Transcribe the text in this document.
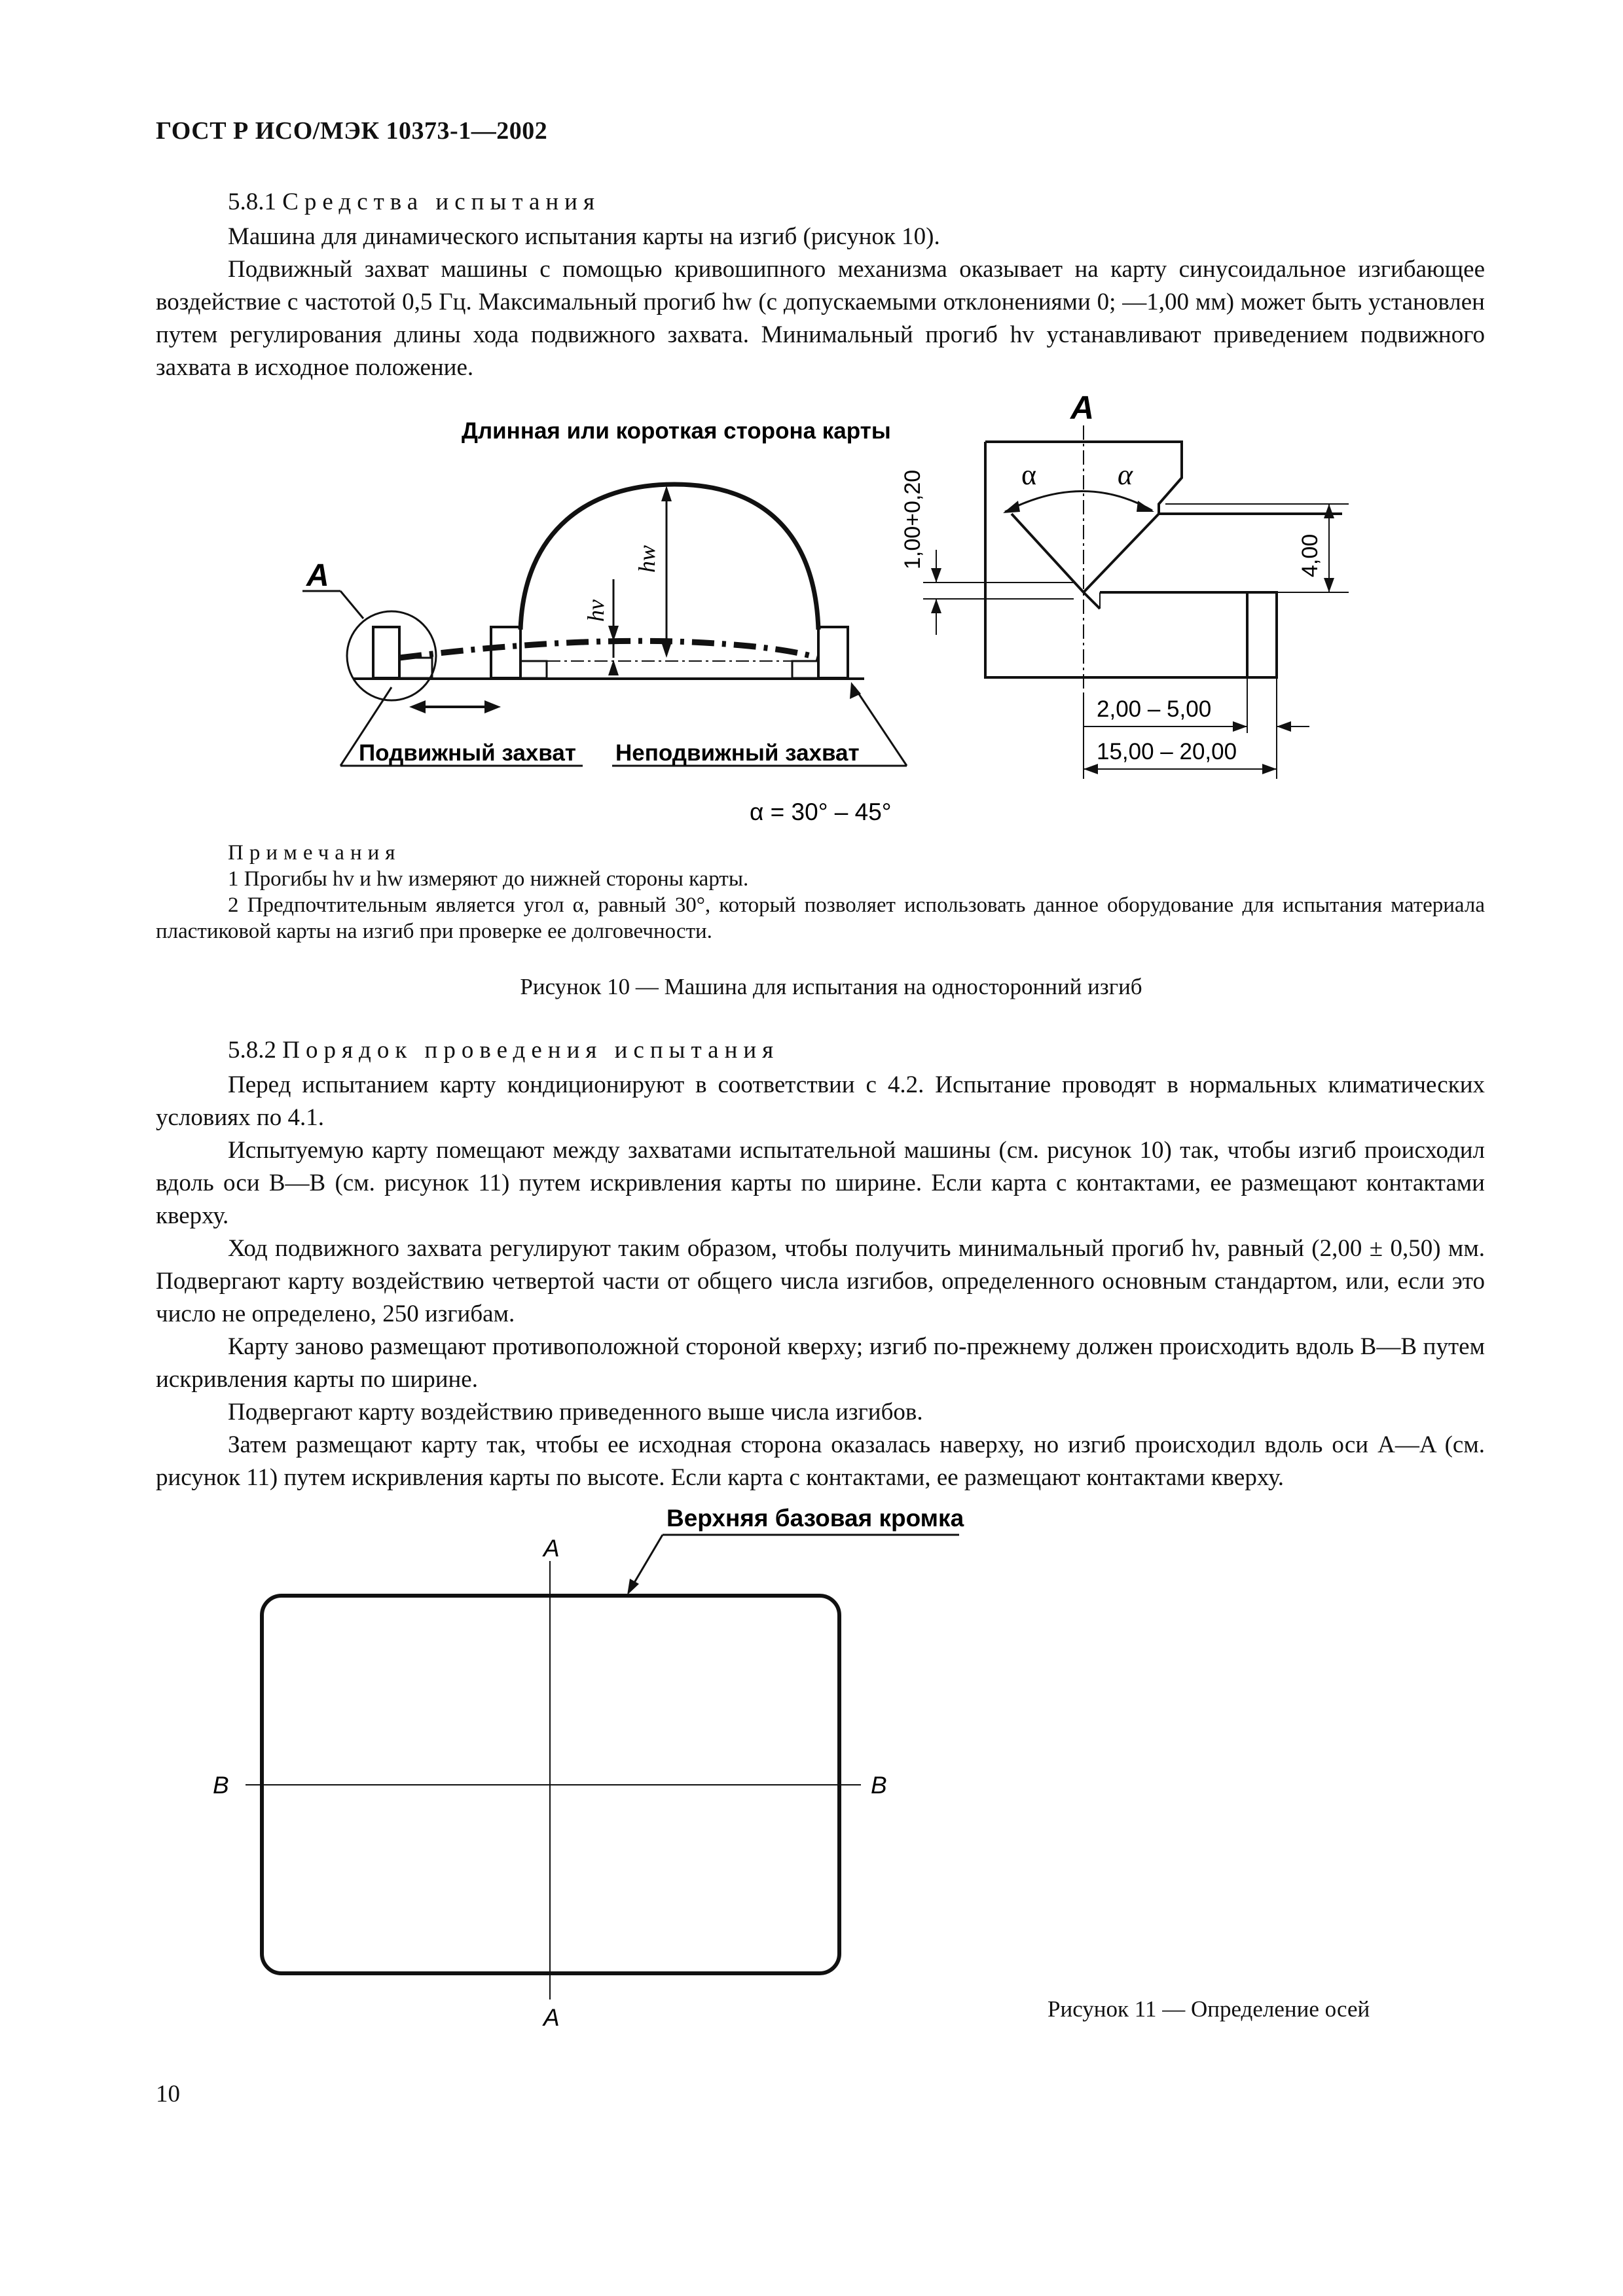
ГОСТ Р ИСО/МЭК 10373-1—2002
5.8.1 Средства испытания
Машина для динамического испытания карты на изгиб (рисунок 10).
Подвижный захват машины с помощью кривошипного механизма оказывает на карту синусоидальное изгибающее воздействие с частотой 0,5 Гц. Максимальный прогиб hw (с допускаемыми отклонениями 0; —1,00 мм) может быть установлен путем регулирования длины хода подвижного захвата. Минимальный прогиб hv устанавливают приведением подвижного захвата в исходное положение.
Длинная или короткая сторона карты
hw
hv
A
Подвижный захват Неподвижный захват
A
α	α
1,00+0,20	4,00
2,00 – 5,00
15,00 – 20,00
α = 30° – 45°
Примечания
1 Прогибы hv и hw измеряют до нижней стороны карты.
2 Предпочтительным является угол α, равный 30°, который позволяет использовать данное оборудование для испытания материала пластиковой карты на изгиб при проверке ее долговечности.
Рисунок 10 — Машина для испытания на односторонний изгиб
5.8.2 Порядок проведения испытания
Перед испытанием карту кондиционируют в соответствии с 4.2. Испытание проводят в нормальных климатических условиях по 4.1.
Испытуемую карту помещают между захватами испытательной машины (см. рисунок 10) так, чтобы изгиб происходил вдоль оси B—B (см. рисунок 11) путем искривления карты по ширине. Если карта с контактами, ее размещают контактами кверху.
Ход подвижного захвата регулируют таким образом, чтобы получить минимальный прогиб hv, равный (2,00 ± 0,50) мм. Подвергают карту воздействию четвертой части от общего числа изгибов, определенного основным стандартом, или, если это число не определено, 250 изгибам.
Карту заново размещают противоположной стороной кверху; изгиб по-прежнему должен происходить вдоль B—B путем искривления карты по ширине.
Подвергают карту воздействию приведенного выше числа изгибов.
Затем размещают карту так, чтобы ее исходная сторона оказалась наверху, но изгиб происходил вдоль оси A—A (см. рисунок 11) путем искривления карты по высоте. Если карта с контактами, ее размещают контактами кверху.
Верхняя базовая кромка
A
A
B	B
Рисунок 11 — Определение осей
10
